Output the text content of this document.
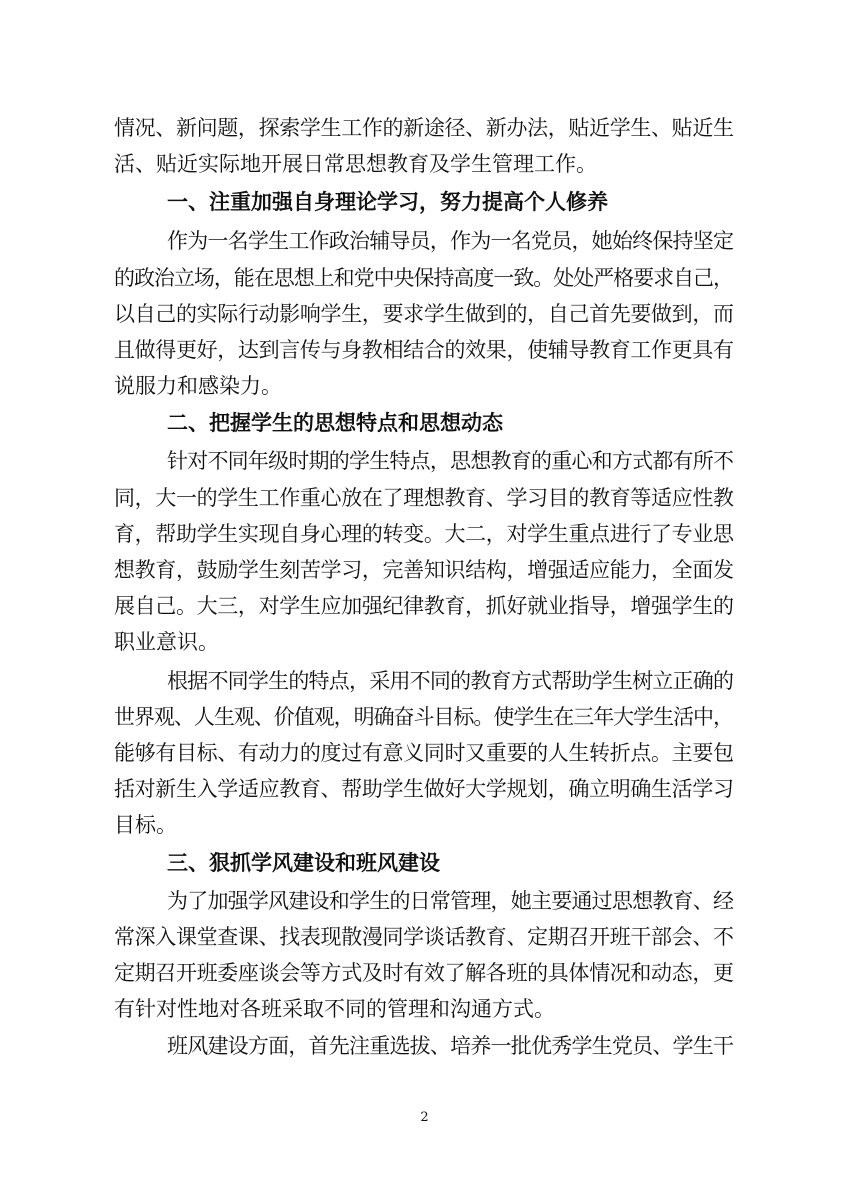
情况、新问题，探索学生工作的新途径、新办法，贴近学生、贴近生
活、贴近实际地开展日常思想教育及学生管理工作。
一、注重加强自身理论学习，努力提高个人修养
作为一名学生工作政治辅导员，作为一名党员，她始终保持坚定
的政治立场，能在思想上和党中央保持高度一致。处处严格要求自己，
以自己的实际行动影响学生，要求学生做到的，自己首先要做到，而
且做得更好，达到言传与身教相结合的效果，使辅导教育工作更具有
说服力和感染力。
二、把握学生的思想特点和思想动态
针对不同年级时期的学生特点，思想教育的重心和方式都有所不
同，大一的学生工作重心放在了理想教育、学习目的教育等适应性教
育，帮助学生实现自身心理的转变。大二，对学生重点进行了专业思
想教育，鼓励学生刻苦学习，完善知识结构，增强适应能力，全面发
展自己。大三，对学生应加强纪律教育，抓好就业指导，增强学生的
职业意识。
根据不同学生的特点，采用不同的教育方式帮助学生树立正确的
世界观、人生观、价值观，明确奋斗目标。使学生在三年大学生活中，
能够有目标、有动力的度过有意义同时又重要的人生转折点。主要包
括对新生入学适应教育、帮助学生做好大学规划，确立明确生活学习
目标。
三、狠抓学风建设和班风建设
为了加强学风建设和学生的日常管理，她主要通过思想教育、经
常深入课堂查课、找表现散漫同学谈话教育、定期召开班干部会、不
定期召开班委座谈会等方式及时有效了解各班的具体情况和动态，更
有针对性地对各班采取不同的管理和沟通方式。
班风建设方面，首先注重选拔、培养一批优秀学生党员、学生干
2
